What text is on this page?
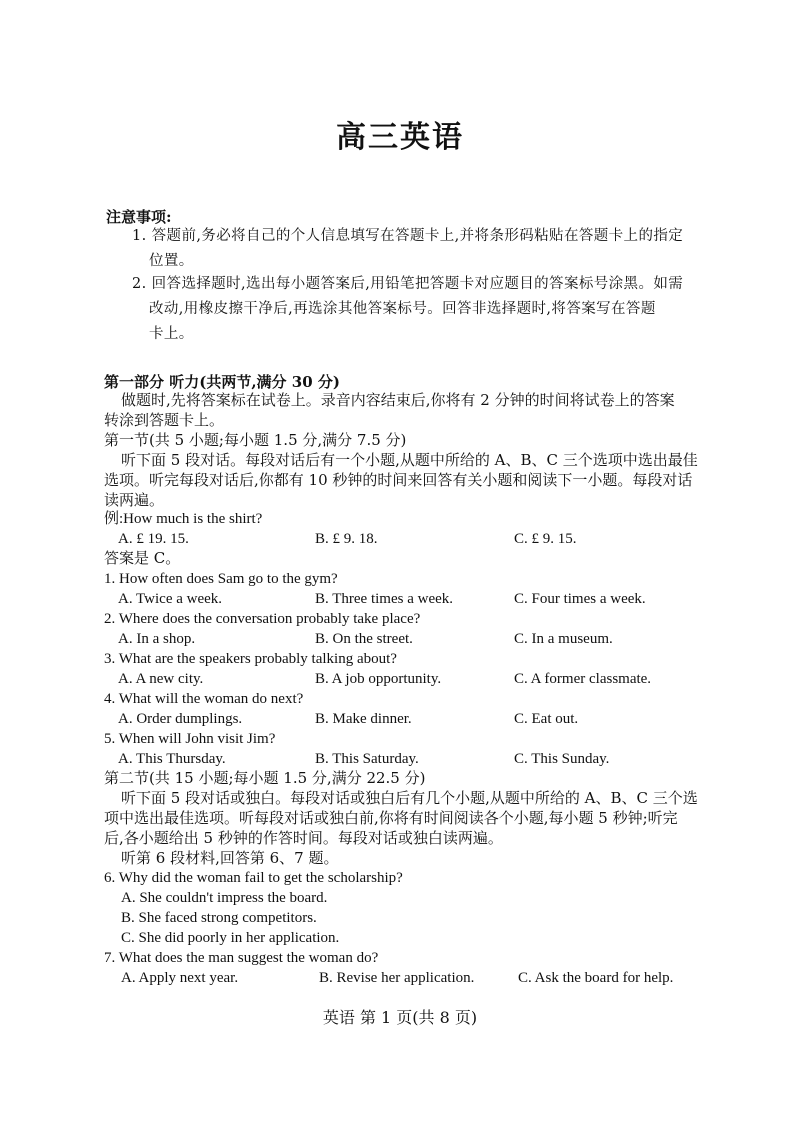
高三英语
注意事项:
1. 答题前,务必将自己的个人信息填写在答题卡上,并将条形码粘贴在答题卡上的指定
位置。
2. 回答选择题时,选出每小题答案后,用铅笔把答题卡对应题目的答案标号涂黑。如需
改动,用橡皮擦干净后,再选涂其他答案标号。回答非选择题时,将答案写在答题
卡上。
第一部分 听力(共两节,满分 30 分)
做题时,先将答案标在试卷上。录音内容结束后,你将有 2 分钟的时间将试卷上的答案
转涂到答题卡上。
第一节(共 5 小题;每小题 1.5 分,满分 7.5 分)
听下面 5 段对话。每段对话后有一个小题,从题中所给的 A、B、C 三个选项中选出最佳
选项。听完每段对话后,你都有 10 秒钟的时间来回答有关小题和阅读下一小题。每段对话
读两遍。
例:How much is the shirt?
A. £ 19. 15.	B. £ 9. 18.	C. £ 9. 15.
答案是 C。
1. How often does Sam go to the gym?
A. Twice a week.	B. Three times a week.	C. Four times a week.
2. Where does the conversation probably take place?
A. In a shop.	B. On the street.	C. In a museum.
3. What are the speakers probably talking about?
A. A new city.	B. A job opportunity.	C. A former classmate.
4. What will the woman do next?
A. Order dumplings.	B. Make dinner.	C. Eat out.
5. When will John visit Jim?
A. This Thursday.	B. This Saturday.	C. This Sunday.
第二节(共 15 小题;每小题 1.5 分,满分 22.5 分)
听下面 5 段对话或独白。每段对话或独白后有几个小题,从题中所给的 A、B、C 三个选
项中选出最佳选项。听每段对话或独白前,你将有时间阅读各个小题,每小题 5 秒钟;听完
后,各小题给出 5 秒钟的作答时间。每段对话或独白读两遍。
听第 6 段材料,回答第 6、7 题。
6. Why did the woman fail to get the scholarship?
A. She couldn't impress the board.
B. She faced strong competitors.
C. She did poorly in her application.
7. What does the man suggest the woman do?
A. Apply next year.	B. Revise her application.	C. Ask the board for help.
英语 第 1 页(共 8 页)
